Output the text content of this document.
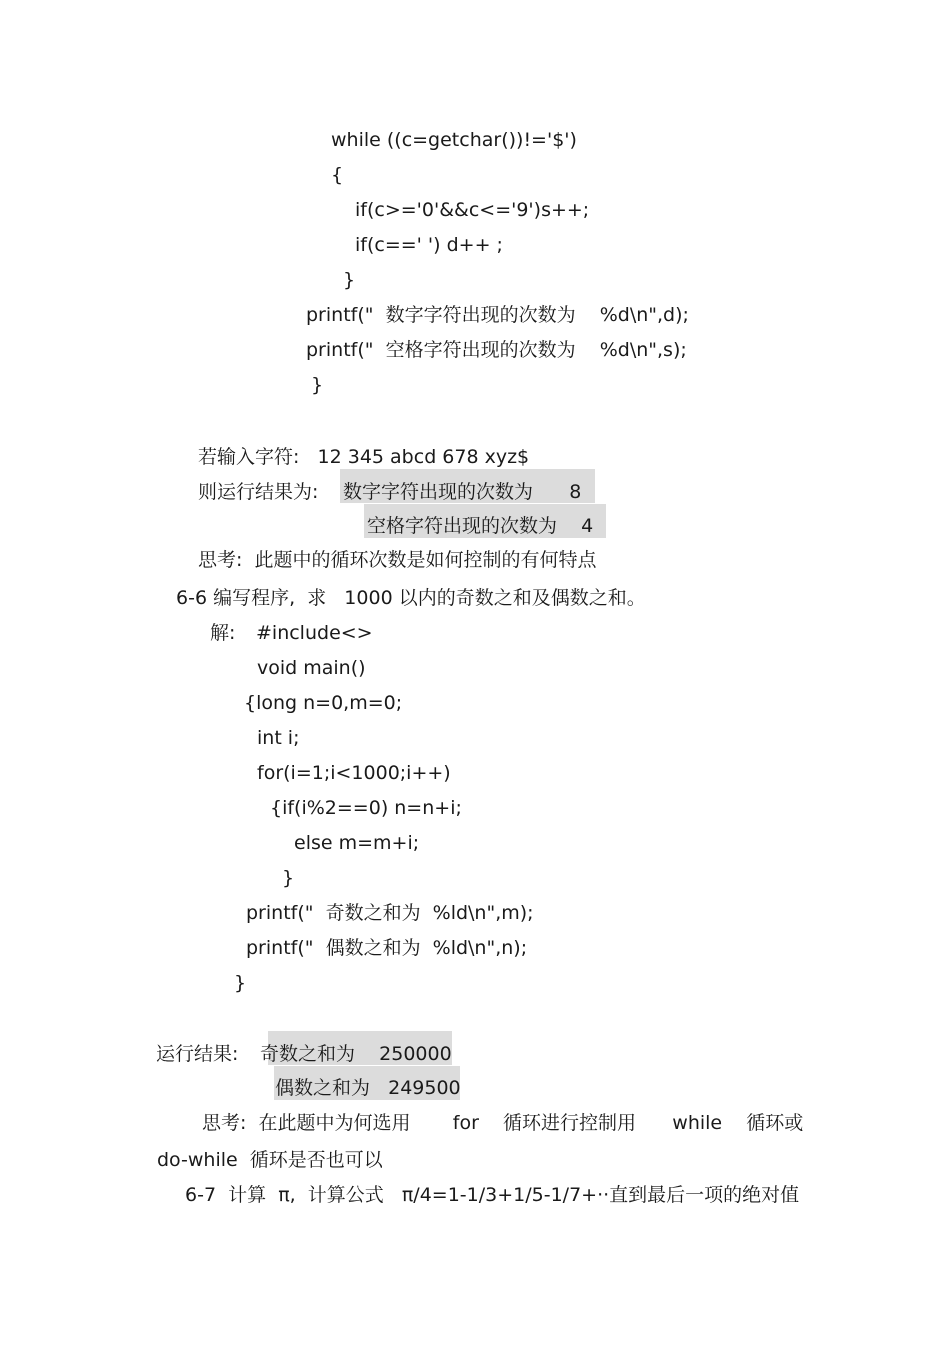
while ((c=getchar())!='$')
{
if(c>='0'&&c<='9')s++;
if(c==' ') d++ ;
}
printf("  数字字符出现的次数为    %d\n",d);
printf("  空格字符出现的次数为    %d\n",s);
}
若输入字符:   12 345 abcd 678 xyz$
则运行结果为: 数字字符出现的次数为      8
空格字符出现的次数为    4
思考:  此题中的循环次数是如何控制的有何特点
6-6 编写程序,  求   1000 以内的奇数之和及偶数之和。
解: #include<>
void main()
{long n=0,m=0;
int i;
for(i=1;i<1000;i++)
{if(i%2==0) n=n+i;
else m=m+i;
}
printf("  奇数之和为  %ld\n",m);
printf("  偶数之和为  %ld\n",n);
}
运行结果: 奇数之和为    250000
偶数之和为   249500
思考:  在此题中为何选用       for    循环进行控制用      while    循环或
do-while  循环是否也可以
6-7  计算  π,  计算公式   π/4=1-1/3+1/5-1/7+··直到最后一项的绝对值
